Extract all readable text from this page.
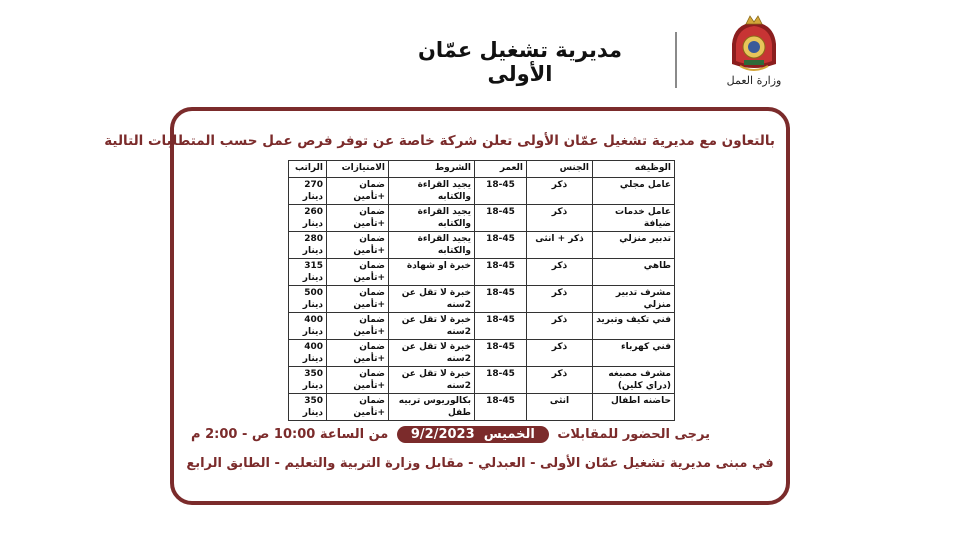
مديرية تشغيل عمّان الأولى	وزارة العمل
بالتعاون مع مديرية تشغيل عمّان الأولى تعلن شركة خاصة عن توفر فرص عمل حسب المتطلبات التالية
الوظيفه	الجنس	العمر	الشروط	الامتيازات	الراتب
عامل مجلي	ذكر	18-45	يجيد القراءة والكتابه	ضمان +تأمين	270 دينار
عامل خدمات ضيافة	ذكر	18-45	يجيد القراءة والكتابه	ضمان +تأمين	260 دينار
تدبير منزلي	ذكر + انثى	18-45	يجيد القراءة والكتابه	ضمان +تأمين	280 دينار
طاهي	ذكر	18-45	خبرة او شهادة	ضمان +تأمين	315 دينار
مشرف تدبير منزلي	ذكر	18-45	خبرة لا تقل عن 2سنه	ضمان +تأمين	500 دينار
فني تكيف وتبريد	ذكر	18-45	خبرة لا تقل عن 2سنه	ضمان +تأمين	400 دينار
فني كهرباء	ذكر	18-45	خبرة لا تقل عن 2سنه	ضمان +تأمين	400 دينار
مشرف مصبغه (دراي كلين)	ذكر	18-45	خبرة لا تقل عن 2سنه	ضمان +تأمين	350 دينار
حاضنه اطفال	انثى	18-45	بكالوريوس تربيه طفل	ضمان +تأمين	350 دينار
يرجى الحضور للمقابلات الخميس  9/2/2023 من الساعة 10:00 ص - 2:00 م
في مبنى مديرية تشغيل عمّان الأولى - العبدلي - مقابل وزارة التربية والتعليم - الطابق الرابع
